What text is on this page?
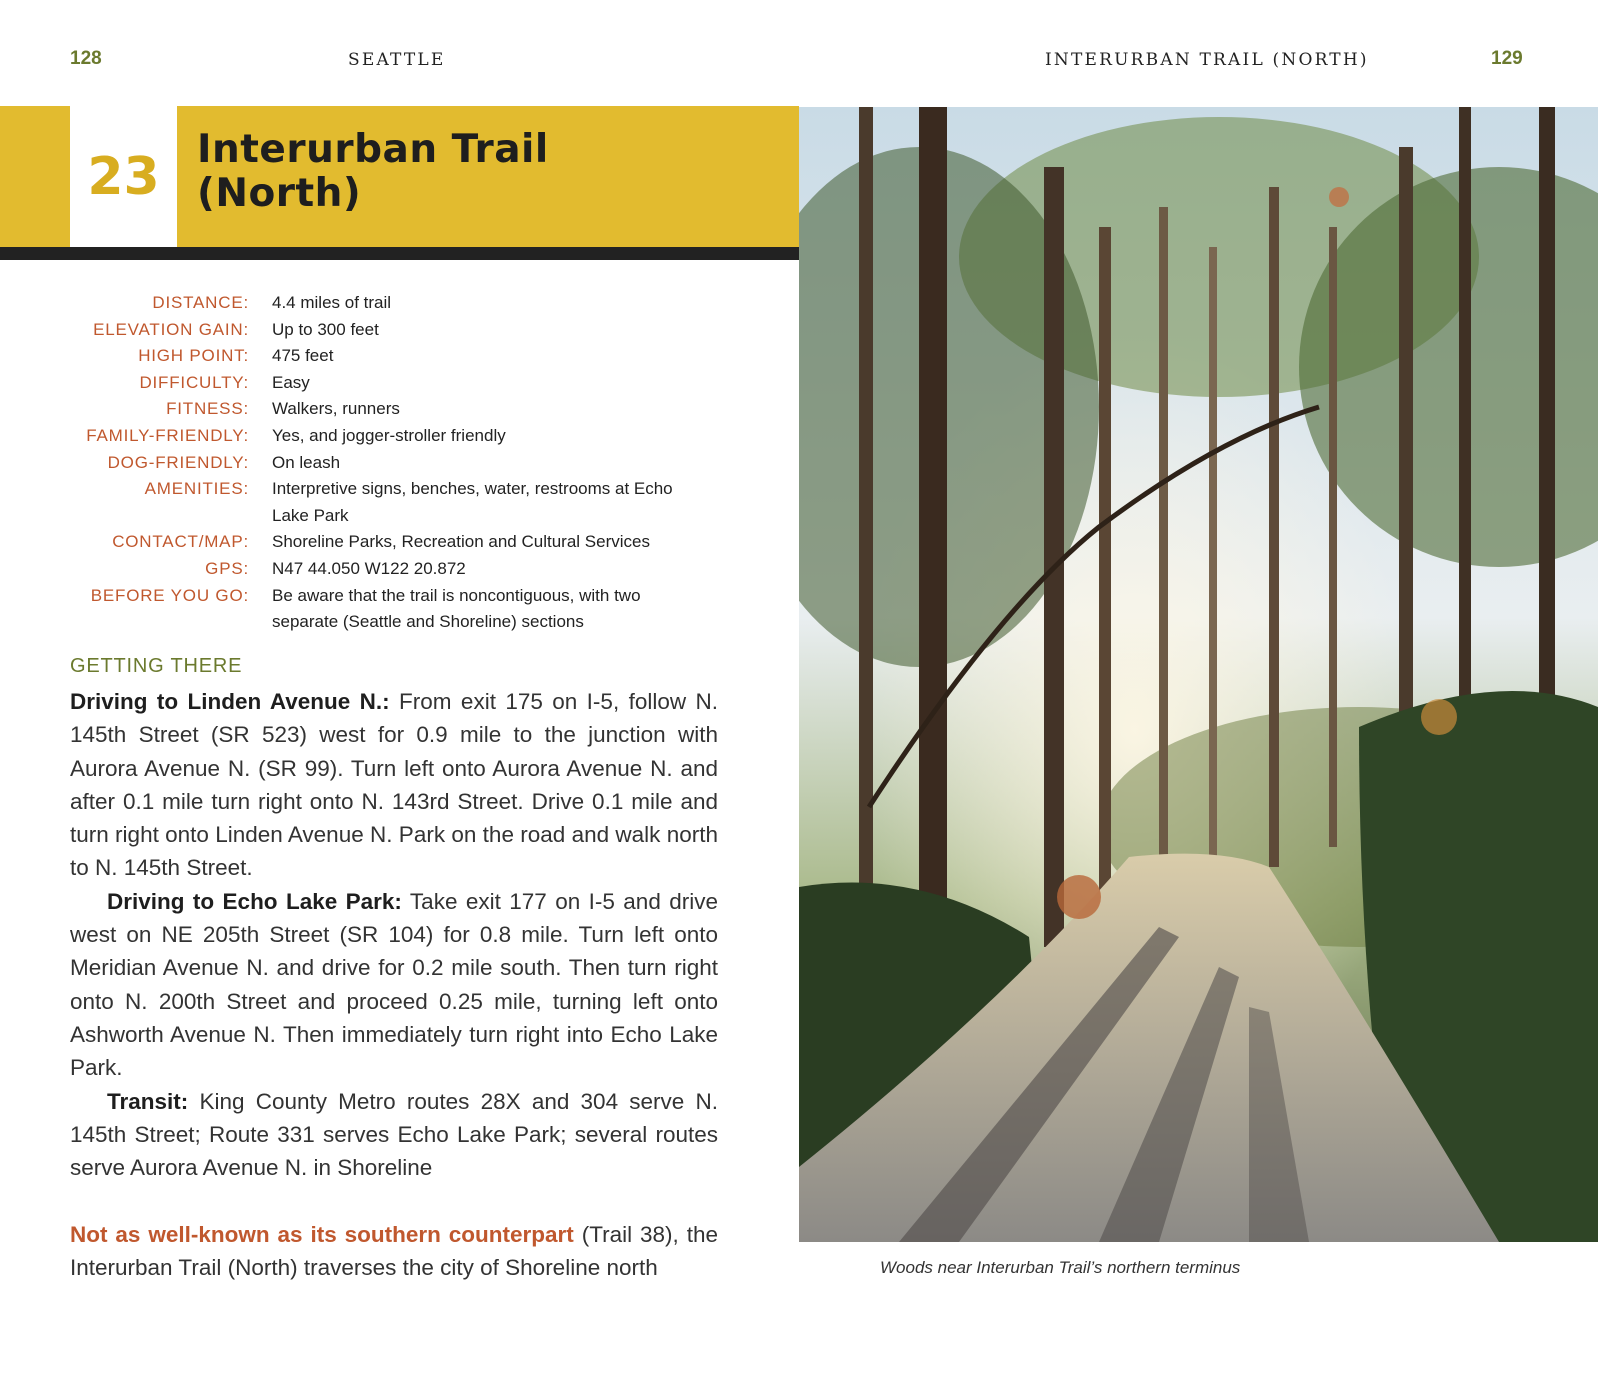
128	SEATTLE	INTERURBAN TRAIL (NORTH)	129
23 Interurban Trail
(North)
DISTANCE:	4.4 miles of trail
ELEVATION GAIN:	Up to 300 feet
HIGH POINT:	475 feet
DIFFICULTY:	Easy
FITNESS:	Walkers, runners
FAMILY-FRIENDLY:	Yes, and jogger-stroller friendly
DOG-FRIENDLY:	On leash
AMENITIES:	Interpretive signs, benches, water, restrooms at Echo Lake Park
CONTACT/MAP:	Shoreline Parks, Recreation and Cultural Services
GPS:	N47 44.050 W122 20.872
BEFORE YOU GO:	Be aware that the trail is noncontiguous, with two separate (Seattle and Shoreline) sections
GETTING THERE

Driving to Linden Avenue N.: From exit 175 on I-5, follow N. 145th Street (SR 523) west for 0.9 mile to the junction with Aurora Avenue N. (SR 99). Turn left onto Aurora Avenue N. and after 0.1 mile turn right onto N. 143rd Street. Drive 0.1 mile and turn right onto Linden Avenue N. Park on the road and walk north to N. 145th Street.

Driving to Echo Lake Park: Take exit 177 on I-5 and drive west on NE 205th Street (SR 104) for 0.8 mile. Turn left onto Meridian Avenue N. and drive for 0.2 mile south. Then turn right onto N. 200th Street and proceed 0.25 mile, turning left onto Ashworth Avenue N. Then immediately turn right into Echo Lake Park.

Transit: King County Metro routes 28X and 304 serve N. 145th Street; Route 331 serves Echo Lake Park; several routes serve Aurora Avenue N. in Shoreline

Not as well-known as its southern counterpart (Trail 38), the Interurban Trail (North) traverses the city of Shoreline north	Woods near Interurban Trail’s northern terminus
